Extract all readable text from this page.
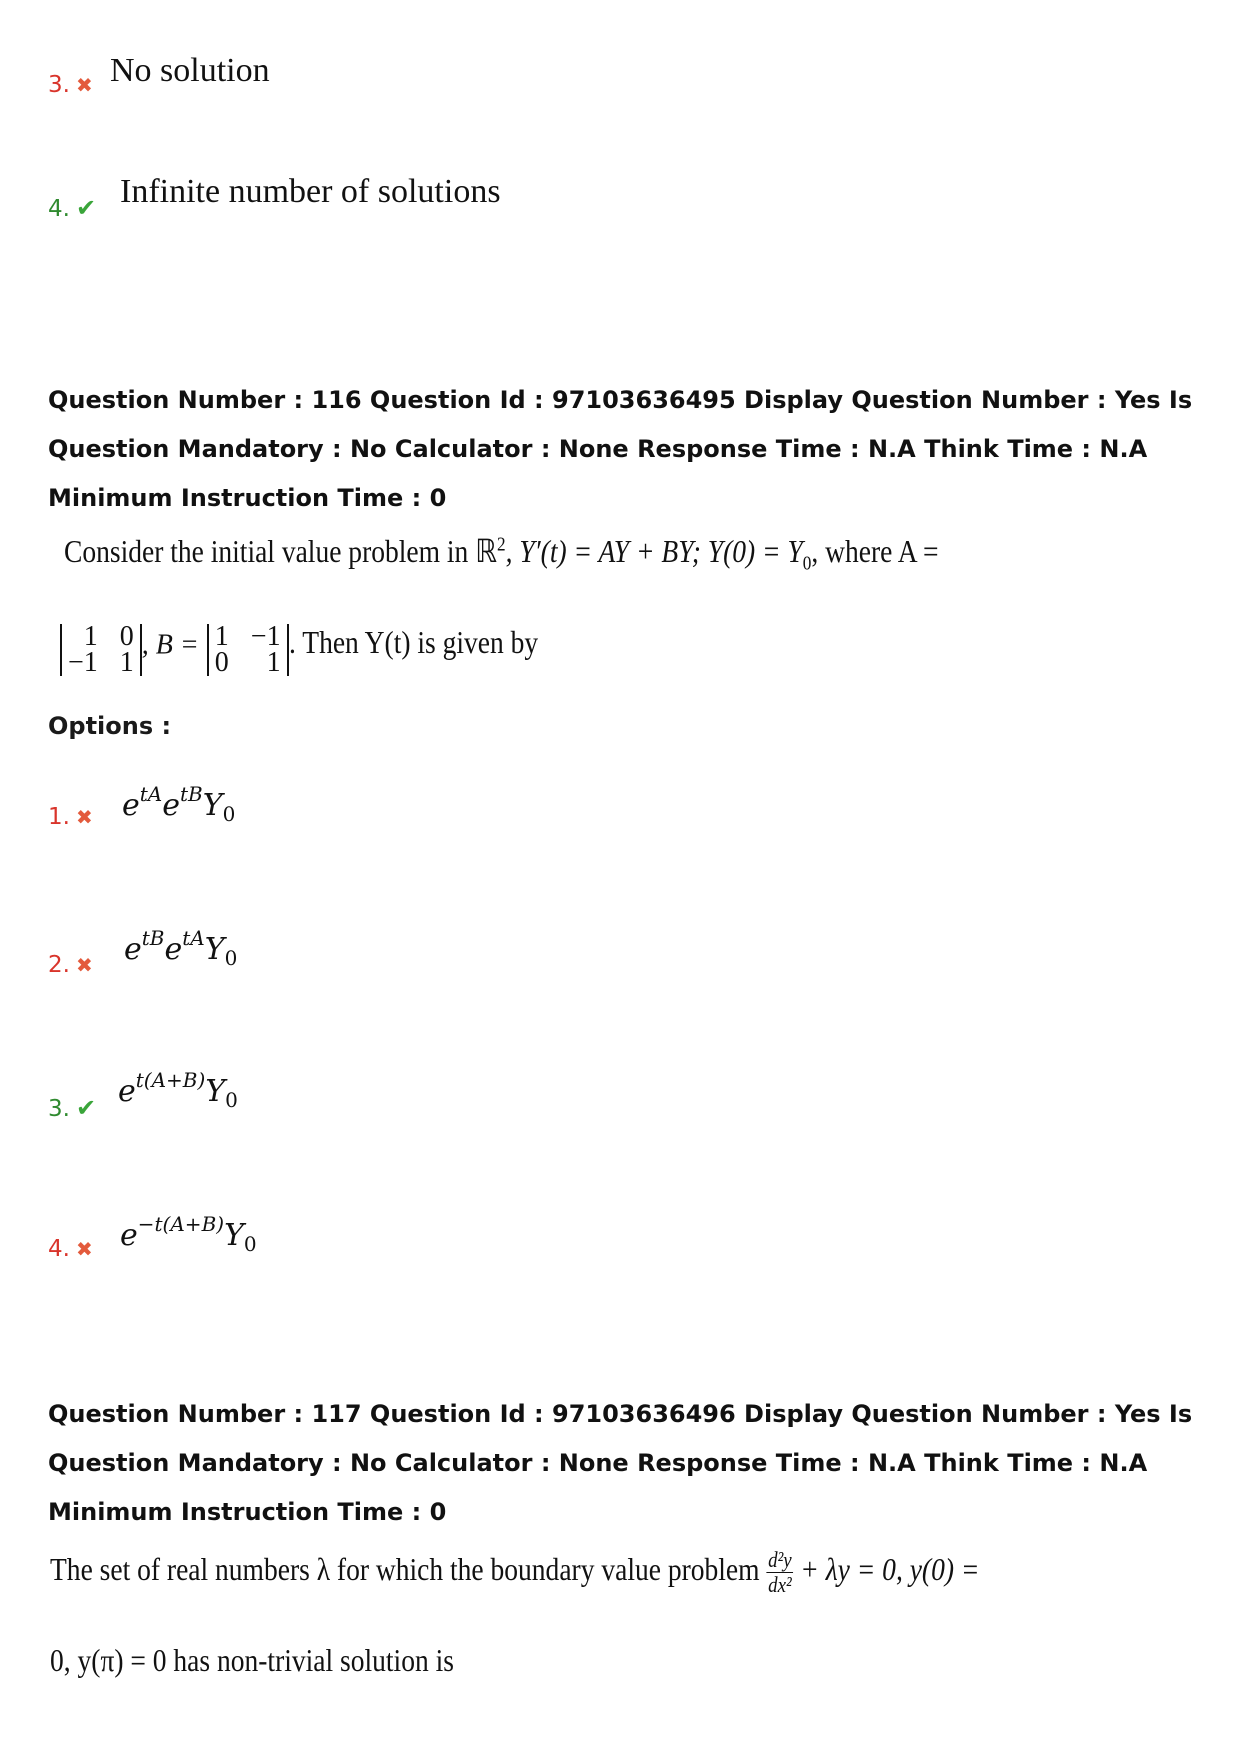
3. ✖ No solution
4. ✔ Infinite number of solutions
Question Number : 116 Question Id : 97103636495 Display Question Number : Yes Is Question Mandatory : No Calculator : None Response Time : N.A Think Time : N.A Minimum Instruction Time : 0
Consider the initial value problem in ℝ$^2$, Y′(t) = AY + BY; $Y(0) = Y_0$, where A =
1 0
−1 1
, B = 1 −1
0	1
. Then Y(t) is given by
Options :
1. ✖ $e^{tA}e^{tB}Y_0$
2. ✖ $e^{tB}e^{tA}Y_0$
3. ✔ $e^{t(A+B)}Y_0$
4. ✖ $e^{-t(A+B)}Y_0$
Question Number : 117 Question Id : 97103636496 Display Question Number : Yes Is Question Mandatory : No Calculator : None Response Time : N.A Think Time : N.A Minimum Instruction Time : 0
The set of real numbers λ for which the boundary value problem $\frac{\text{d²y}}{\text{dx²}} + \lambda y = 0$, y(0) =
0, y(π) = 0 has non-trivial solution is
